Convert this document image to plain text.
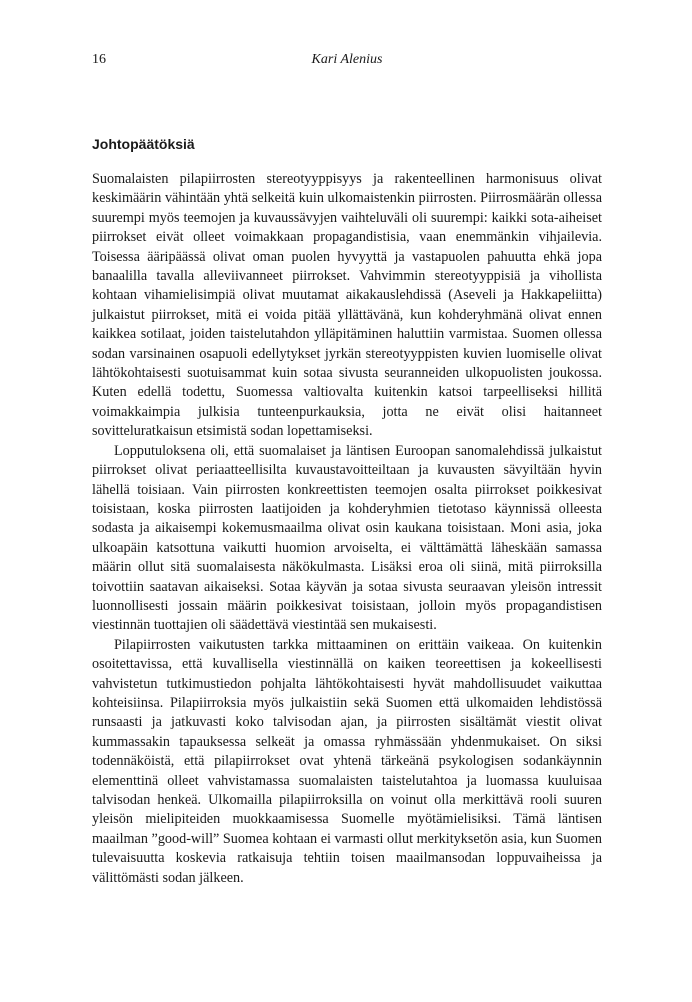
16	Kari Alenius
Johtopäätöksiä

Suomalaisten pilapiirrosten stereotyyppisyys ja rakenteellinen harmonisuus olivat keskimäärin vähintään yhtä selkeitä kuin ulkomaistenkin piirrosten. Piirrosmäärän ollessa suurempi myös teemojen ja kuvaussävyjen vaihteluväli oli suurempi: kaikki sota-aiheiset piirrokset eivät olleet voimakkaan propagandistisia, vaan enemmänkin vihjailevia. Toisessa ääripäässä olivat oman puolen hyvyyttä ja vastapuolen pahuutta ehkä jopa banaalilla tavalla alleviivanneet piirrokset. Vahvimmin stereotyyppisiä ja vihollista kohtaan vihamielisimpiä olivat muutamat aikakauslehdissä (Aseveli ja Hakkapeliitta) julkaistut piirrokset, mitä ei voida pitää yllättävänä, kun kohderyhmänä olivat ennen kaikkea sotilaat, joiden taistelutahdon ylläpitäminen haluttiin varmistaa. Suomen ollessa sodan varsinainen osapuoli edellytykset jyrkän stereotyyppisten kuvien luomiselle olivat lähtökohtaisesti suotuisammat kuin sotaa sivusta seuranneiden ulkopuolisten joukossa. Kuten edellä todettu, Suomessa valtiovalta kuitenkin katsoi tarpeelliseksi hillitä voimakkaimpia julkisia tunteenpurkauksia, jotta ne eivät olisi haitanneet sovitteluratkaisun etsimistä sodan lopettamiseksi.

Lopputuloksena oli, että suomalaiset ja läntisen Euroopan sanomalehdissä julkaistut piirrokset olivat periaatteellisilta kuvaustavoitteiltaan ja kuvausten sävyiltään hyvin lähellä toisiaan. Vain piirrosten konkreettisten teemojen osalta piirrokset poikkesivat toisistaan, koska piirrosten laatijoiden ja kohderyhmien tietotaso käynnissä olleesta sodasta ja aikaisempi kokemusmaailma olivat osin kaukana toisistaan. Moni asia, joka ulkoapäin katsottuna vaikutti huomion arvoiselta, ei välttämättä läheskään samassa määrin ollut sitä suomalaisesta näkökulmasta. Lisäksi eroa oli siinä, mitä piirroksilla toivottiin saatavan aikaiseksi. Sotaa käyvän ja sotaa sivusta seuraavan yleisön intressit luonnollisesti jossain määrin poikkesivat toisistaan, jolloin myös propagandistisen viestinnän tuottajien oli säädettävä viestintää sen mukaisesti.

Pilapiirrosten vaikutusten tarkka mittaaminen on erittäin vaikeaa. On kuitenkin osoitettavissa, että kuvallisella viestinnällä on kaiken teoreettisen ja kokeellisesti vahvistetun tutkimustiedon pohjalta lähtökohtaisesti hyvät mahdollisuudet vaikuttaa kohteisiinsa. Pilapiirroksia myös julkaistiin sekä Suomen että ulkomaiden lehdistössä runsaasti ja jatkuvasti koko talvisodan ajan, ja piirrosten sisältämät viestit olivat kummassakin tapauksessa selkeät ja omassa ryhmässään yhdenmukaiset. On siksi todennäköistä, että pilapiirrokset ovat yhtenä tärkeänä psykologisen sodankäynnin elementtinä olleet vahvistamassa suomalaisten taistelutahtoa ja luomassa kuuluisaa talvisodan henkeä. Ulkomailla pilapiirroksilla on voinut olla merkittävä rooli suuren yleisön mielipiteiden muokkaamisessa Suomelle myötämielisiksi. Tämä läntisen maailman ”good-will” Suomea kohtaan ei varmasti ollut merkityksetön asia, kun Suomen tulevaisuutta koskevia ratkaisuja tehtiin toisen maailmansodan loppuvaiheissa ja välittömästi sodan jälkeen.
